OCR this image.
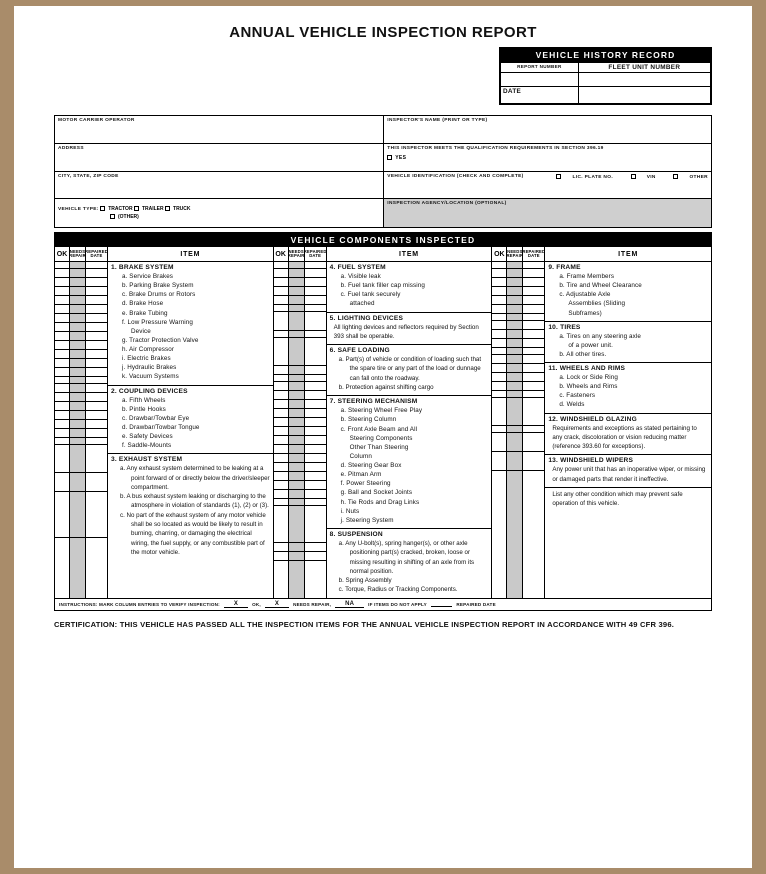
ANNUAL VEHICLE INSPECTION REPORT
VEHICLE HISTORY RECORD
REPORT NUMBER	FLEET UNIT NUMBER

DATE	
MOTOR CARRIER OPERATOR	INSPECTOR'S NAME (PRINT OR TYPE)
ADDRESS	THIS INSPECTOR MEETS THE QUALIFICATION REQUIREMENTS IN SECTION 396.19
YES
CITY, STATE, ZIP CODE	VEHICLE IDENTIFICATION (CHECK AND COMPLETE)	LIC. PLATE NO.	VIN	OTHER
VEHICLE TYPE: TRACTOR TRAILER TRUCK
(OTHER)
INSPECTION AGENCY/LOCATION (OPTIONAL)
VEHICLE COMPONENTS INSPECTED
OK NEEDS REPAIR
REPAIRED DATE	ITEM	OK NEEDS REPAIR
REPAIRED DATE	ITEM	OK NEEDS REPAIR
REPAIRED DATE	ITEM
1. BRAKE SYSTEM
a. Service Brakes
b. Parking Brake System
c. Brake Drums or Rotors
d. Brake Hose
e. Brake Tubing
f. Low Pressure Warning
Device
g. Tractor Protection Valve
h. Air Compressor
i. Electric Brakes
j. Hydraulic Brakes
k. Vacuum Systems
2. COUPLING DEVICES
a. Fifth Wheels
b. Pintle Hooks
c. Drawbar/Towbar Eye
d. Drawbar/Towbar Tongue
e. Safety Devices
f. Saddle-Mounts
3. EXHAUST SYSTEM
a. Any exhaust system determined to be leaking at a point forward of or directly below the driver/sleeper compartment.
b. A bus exhaust system leaking or discharging to the atmosphere in violation of standards (1), (2) or (3).
c. No part of the exhaust system of any motor vehicle shall be so located as would be likely to result in burning, charring, or damaging the electrical wiring, the fuel supply, or any combustible part of the motor vehicle.
4. FUEL SYSTEM
a. Visible leak
b. Fuel tank filler cap missing
c. Fuel tank securely
attached
5. LIGHTING DEVICES
All lighting devices and reflectors required by Section 393 shall be operable.
6. SAFE LOADING
a. Part(s) of vehicle or condition of loading such that the spare tire or any part of the load or dunnage can fall onto the roadway.
b. Protection against shifting cargo
7. STEERING MECHANISM
a. Steering Wheel Free Play
b. Steering Column
c. Front Axle Beam and All
Steering Components
Other Than Steering
Column
d. Steering Gear Box
e. Pitman Arm
f. Power Steering
g. Ball and Socket Joints
h. Tie Rods and Drag Links
i. Nuts
j. Steering System
8. SUSPENSION
a. Any U-bolt(s), spring hanger(s), or other axle positioning part(s) cracked, broken, loose or missing resulting in shifting of an axle from its normal position.
b. Spring Assembly
c. Torque, Radius or Tracking Components.
9. FRAME
a. Frame Members
b. Tire and Wheel Clearance
c. Adjustable Axle
Assemblies (Sliding
Subframes)
10. TIRES
a. Tires on any steering axle
of a power unit.
b. All other tires.
11. WHEELS AND RIMS
a. Lock or Side Ring
b. Wheels and Rims
c. Fasteners
d. Welds
12. WINDSHIELD GLAZING
Requirements and exceptions as stated pertaining to any crack, discoloration or vision reducing matter (reference 393.60 for exceptions).
13. WINDSHIELD WIPERS
Any power unit that has an inoperative wiper, or missing or damaged parts that render it ineffective.
List any other condition which may prevent safe operation of this vehicle.
INSTRUCTIONS: MARK COLUMN ENTRIES TO VERIFY INSPECTION:	X	OK,	X	NEEDS REPAIR,	NA	IF ITEMS DO NOT APPLY
	REPAIRED DATE
CERTIFICATION: THIS VEHICLE HAS PASSED ALL THE INSPECTION ITEMS FOR THE ANNUAL VEHICLE INSPECTION REPORT IN ACCORDANCE WITH 49 CFR 396.
